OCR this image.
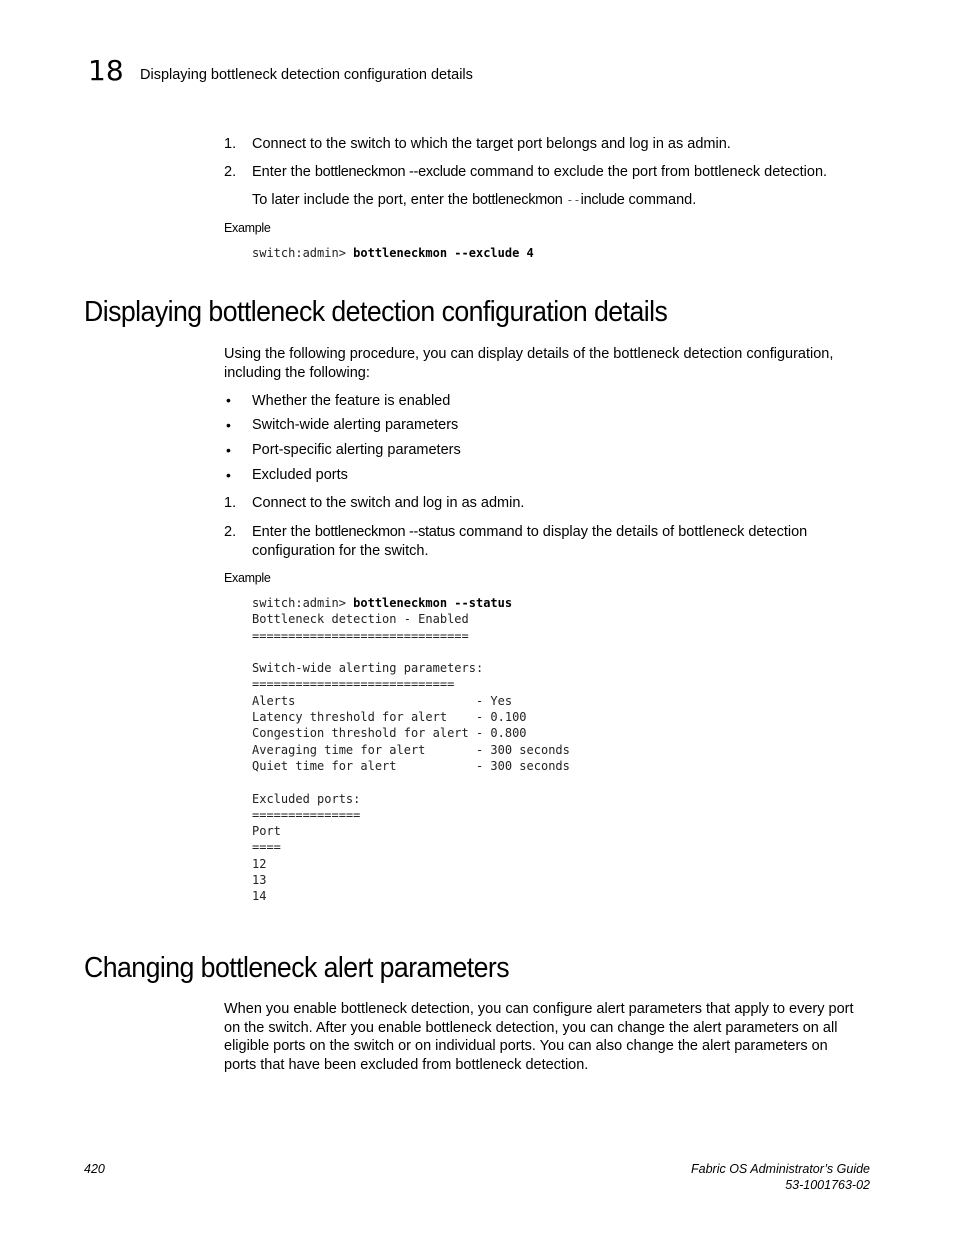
18 Displaying bottleneck detection configuration details
1. Connect to the switch to which the target port belongs and log in as admin.
2. Enter the bottleneckmon --exclude command to exclude the port from bottleneck detection.
To later include the port, enter the bottleneckmon --include command.
Example
switch:admin> bottleneckmon --exclude 4
Displaying bottleneck detection configuration details
Using the following procedure, you can display details of the bottleneck detection configuration,
including the following:
• Whether the feature is enabled
• Switch-wide alerting parameters
• Port-specific alerting parameters
• Excluded ports
1. Connect to the switch and log in as admin.
2. Enter the bottleneckmon --status command to display the details of bottleneck detection
configuration for the switch.
Example
switch:admin> bottleneckmon --status
Bottleneck detection - Enabled
==============================
Switch-wide alerting parameters:
============================
Alerts                         - Yes
Latency threshold for alert    - 0.100
Congestion threshold for alert - 0.800
Averaging time for alert       - 300 seconds
Quiet time for alert           - 300 seconds
Excluded ports:
===============
Port
====
12
13
14
Changing bottleneck alert parameters
When you enable bottleneck detection, you can configure alert parameters that apply to every port
on the switch. After you enable bottleneck detection, you can change the alert parameters on all
eligible ports on the switch or on individual ports. You can also change the alert parameters on
ports that have been excluded from bottleneck detection.
420	Fabric OS Administrator’s Guide
53-1001763-02
